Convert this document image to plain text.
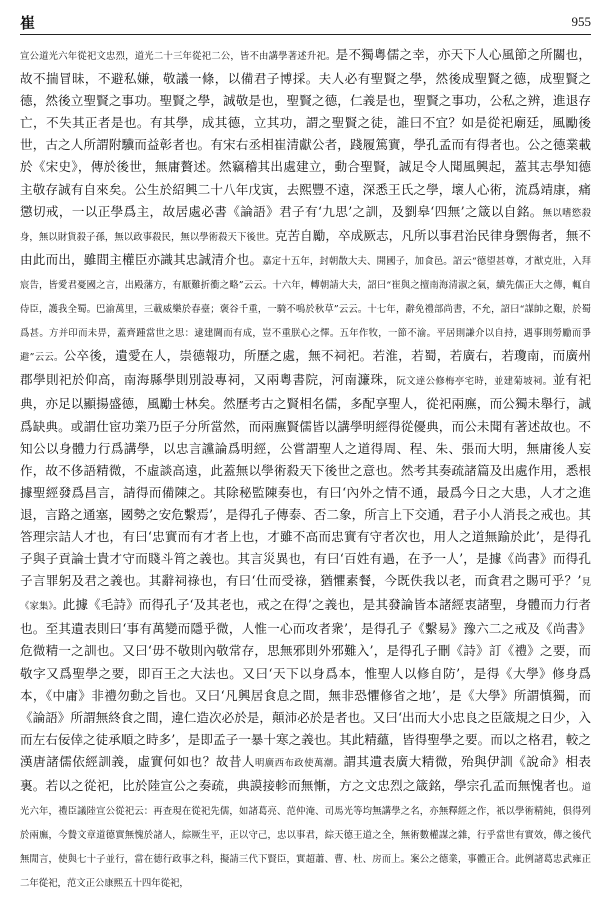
崔	955

宣公道光六年從祀文忠烈，道光二十三年從祀二公，皆不由講學著述升祀。是不獨粵儒之幸，亦天下人心風節之所關也，故不揣冒昧，不避私嫌，敬議一條，以備君子博採。夫人必有聖賢之學，然後成聖賢之德，成聖賢之德，然後立聖賢之事功。聖賢之學，誠敬是也，聖賢之德，仁義是也，聖賢之事功，公私之辨，進退存亡，不失其正者是也。有其學，成其德，立其功，謂之聖賢之徒，誰曰不宜？如是從祀廟廷，風勵後世，古之人所謂附驥而益彰者也。有宋右丞相崔清獻公者，踐履篤實，學孔孟而有得者也。公之德業載於《宋史》，傳於後世，無庸贅述。然竊稽其出處建立，動合聖賢，誠足令人聞風興起，蓋其志學知德主敬存誠有自來矣。公生於紹興二十八年戊寅，去熙豐不遠，深悉王氏之學，壞人心術，流爲靖康，痛懲切戒，一以正學爲主，故居處必書《論語》君子有‘九思’之訓，及劉皋‘四無’之箴以自銘。無以嗜慾殺身，無以財貨殺子孫，無以政事殺民，無以學術殺天下後世。克苦自勵，卒成厥志，凡所以事君治民律身禦侮者，無不由此而出，雖間主權臣亦識其忠誠清介也。嘉定十五年，封朝散大夫、開國子，加食邑。詔云“德望甚尊，才猷克壯，入拜宸告，皆愛君憂國之言，出殿藩方，有厭難折衝之略”云云。十六年，轉朝請大夫，詔曰“崔與之擅南海清淑之氣，續先儒正大之傳，輒自侍臣，護我全蜀。巴渝萬里，三載威樂於春臺；褒谷千重，一騎不鳴於秋草”云云。十七年，辭免禮部尚書，不允，詔曰“謀帥之艱，於蜀爲甚。方并印而未畀，蓋齊踵當世之思：逮建閫而有成，豈不重朕心之懌。五年作牧，一節不渝。平居則謙介以自持，遇事則勞勵而爭避”云云。公卒後，遺愛在人，崇德報功，所歷之處，無不祠祀。若淮，若蜀，若廣右，若瓊南，而廣州郡學則祀於仰高，南海縣學則別設專祠，又兩粵書院，河南濂珠，阮文達公修梅亭宅時，並建菊坡祠。並有祀典，亦足以顯揚盛德，風勵士林矣。然歷考古之賢相名儒，多配享聖人，從祀兩廡，而公獨未舉行，誠爲缺典。或謂仕宦功業乃臣子分所當然，而兩廡賢儒皆以講學明經得從優典，而公未聞有著述故也。不知公以身體力行爲講學，以忠言讜論爲明經，公嘗謂聖人之道得周、程、朱、張而大明，無庸後人妄作，故不侈語精微，不虛談高遠，此蓋無以學術殺天下後世之意也。然考其奏疏諸篇及出處作用，悉根據聖經發爲昌言，請得而備陳之。其除秘監陳奏也，有曰‘內外之情不通，最爲今日之大患，人才之進退，言路之通塞，國勢之安危繫焉’，是得孔子傳泰、否二象，所言上下交通，君子小人消長之戒也。其答理宗詰人才也，有曰‘忠實而有才者上也，才雖不高而忠實有守者次也，用人之道無踰於此’，是得孔子與子貢論士貴才守而賤斗筲之義也。其言災異也，有曰‘百姓有過，在予一人’，是據《尚書》而得孔子言罪躬及君之義也。其辭祠祿也，有曰‘仕而受祿，猶懼素餐，今既佚我以老，而貪君之賜可乎？’見《家集》。此據《毛詩》而得孔子‘及其老也，戒之在得’之義也，是其發論皆本諸經衷諸聖，身體而力行者也。至其遺表則曰‘事有萬變而隱乎微，人惟一心而攻者衆’，是得孔子《繫易》豫六二之戒及《尚書》危微精一之訓也。又曰‘毋不敬則內敬常存，思無邪則外邪難入’，是得孔子刪《詩》訂《禮》之要，而敬字又爲聖學之要，即百王之大法也。又曰‘天下以身爲本，惟聖人以修自防’，是得《大學》修身爲本，《中庸》非禮勿動之旨也。又曰‘凡興居食息之間，無非恐懼修省之地’，是《大學》所謂慎獨，而《論語》所謂無終食之間，違仁造次必於是，顛沛必於是者也。又曰‘出而大小忠良之臣箴規之日少，入而左右佞倖之徒承順之時多’，是即孟子一暴十寒之義也。其此精蘊，皆得聖學之要。而以之格君，較之漢唐諸儒依經訓義，虛實何如也？故昔人明廣西布政使萬潮。謂其遺表廣大精微，殆與伊訓《說命》相表裏。若以之從祀，比於陸宣公之奏疏，典謨接軫而無慚，方之文忠烈之箴銘，學宗孔孟而無愧者也。道光六年，禮臣議陸宣公從祀云：再查現在從祀先儒，如諸葛亮、范仲淹、司馬光等均無講學之名，亦無釋經之作，祇以學術精純，俱得列於兩廡，今贄文章道德實無愧於諸人，綜厥生平，正以守己，忠以事君，綜天德王道之全，無術數權謀之雜，行乎當世有實效，傳之後代無閒言，使與七十子並行，當在德行政事之科，擬請三代下賢臣，實超蕭、曹、杜、房而上。案公之德業，事體正合。此例諸葛忠武雍正二年從祀，范文正公康熙五十四年從祀，
